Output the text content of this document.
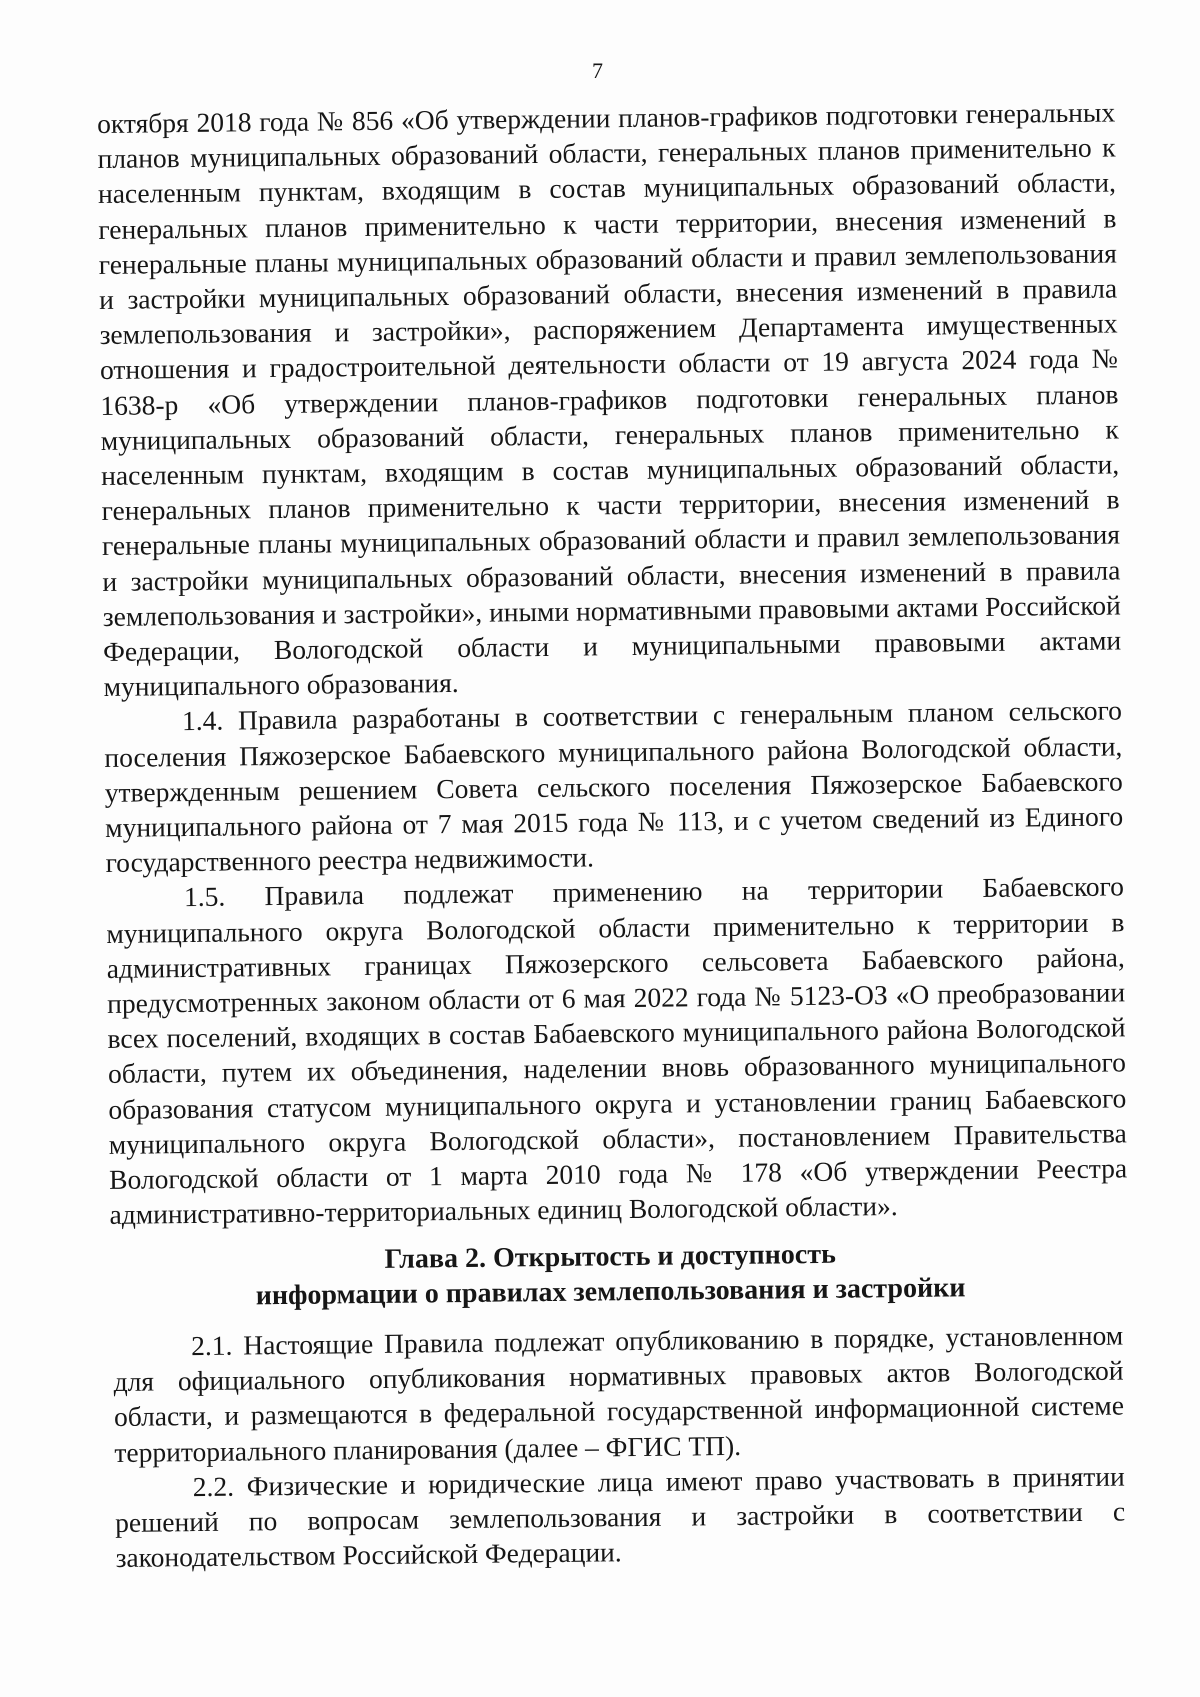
7

октября 2018 года № 856 «Об утверждении планов-графиков подготовки генеральных планов муниципальных образований области, генеральных планов применительно к населенным пунктам, входящим в состав муниципальных образований области, генеральных планов применительно к части территории, внесения изменений в генеральные планы муниципальных образований области и правил землепользования и застройки муниципальных образований области, внесения изменений в правила землепользования и застройки», распоряжением Департамента имущественных отношения и градостроительной деятельности области от 19 августа 2024 года № 1638-р «Об утверждении планов-графиков подготовки генеральных планов муниципальных образований области, генеральных планов применительно к населенным пунктам, входящим в состав муниципальных образований области, генеральных планов применительно к части территории, внесения изменений в генеральные планы муниципальных образований области и правил землепользования и застройки муниципальных образований области, внесения изменений в правила землепользования и застройки», иными нормативными правовыми актами Российской Федерации, Вологодской области и муниципальными правовыми актами муниципального образования.

1.4. Правила разработаны в соответствии с генеральным планом сельского поселения Пяжозерское Бабаевского муниципального района Вологодской области, утвержденным решением Совета сельского поселения Пяжозерское Бабаевского муниципального района от 7 мая 2015 года № 113, и с учетом сведений из Единого государственного реестра недвижимости.

1.5. Правила подлежат применению на территории Бабаевского муниципального округа Вологодской области применительно к территории в административных границах Пяжозерского сельсовета Бабаевского района, предусмотренных законом области от 6 мая 2022 года № 5123-ОЗ «О преобразовании всех поселений, входящих в состав Бабаевского муниципального района Вологодской области, путем их объединения, наделении вновь образованного муниципального образования статусом муниципального округа и установлении границ Бабаевского муниципального округа Вологодской области», постановлением Правительства Вологодской области от 1 марта 2010 года № 178 «Об утверждении Реестра административно-территориальных единиц Вологодской области».

Глава 2. Открытость и доступность
информации о правилах землепользования и застройки

2.1. Настоящие Правила подлежат опубликованию в порядке, установленном для официального опубликования нормативных правовых актов Вологодской области, и размещаются в федеральной государственной информационной системе территориального планирования (далее – ФГИС ТП).

2.2. Физические и юридические лица имеют право участвовать в принятии решений по вопросам землепользования и застройки в соответствии с законодательством Российской Федерации.
